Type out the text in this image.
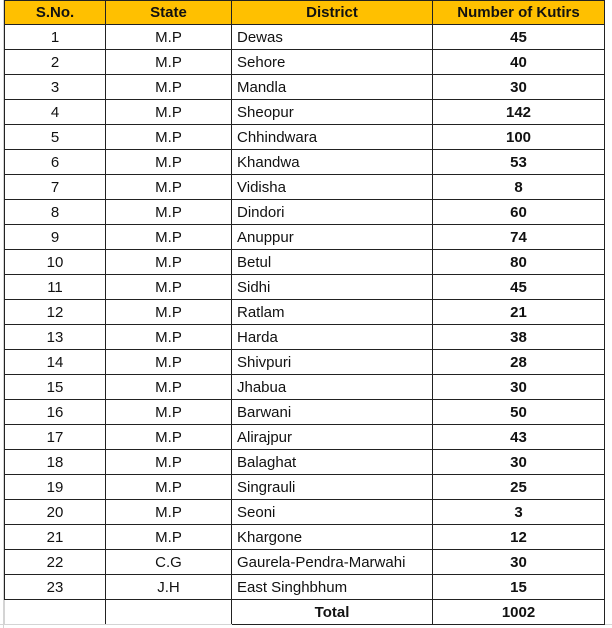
S.No.	State	District	Number of Kutirs
1	M.P	Dewas	45
2	M.P	Sehore	40
3	M.P	Mandla	30
4	M.P	Sheopur	142
5	M.P	Chhindwara	100
6	M.P	Khandwa	53
7	M.P	Vidisha	8
8	M.P	Dindori	60
9	M.P	Anuppur	74
10	M.P	Betul	80
11	M.P	Sidhi	45
12	M.P	Ratlam	21
13	M.P	Harda	38
14	M.P	Shivpuri	28
15	M.P	Jhabua	30
16	M.P	Barwani	50
17	M.P	Alirajpur	43
18	M.P	Balaghat	30
19	M.P	Singrauli	25
20	M.P	Seoni	3
21	M.P	Khargone	12
22	C.G	Gaurela-Pendra-Marwahi	30
23	J.H	East Singhbhum	15
		Total	1002
